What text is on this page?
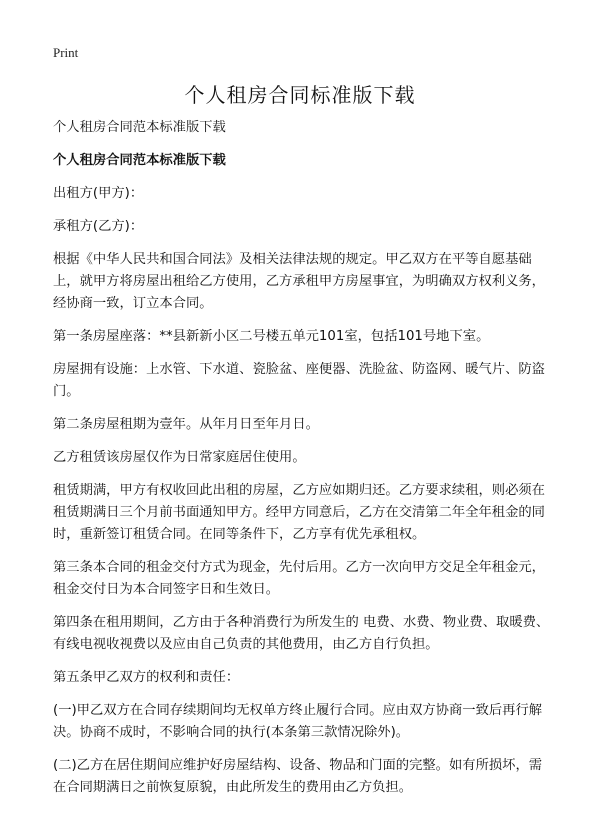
Print
个人租房合同标准版下载

个人租房合同范本标准版下载

个人租房合同范本标准版下载

出租方(甲方)：

承租方(乙方)：

根据《中华人民共和国合同法》及相关法律法规的规定。甲乙双方在平等自愿基础上，就甲方将房屋出租给乙方使用，乙方承租甲方房屋事宜，为明确双方权利义务，经协商一致，订立本合同。

第一条房屋座落：**县新新小区二号楼五单元101室，包括101号地下室。

房屋拥有设施：上水管、下水道、瓷脸盆、座便器、洗脸盆、防盗网、暖气片、防盗门。

第二条房屋租期为壹年。从年月日至年月日。

乙方租赁该房屋仅作为日常家庭居住使用。

租赁期满，甲方有权收回此出租的房屋，乙方应如期归还。乙方要求续租，则必须在租赁期满日三个月前书面通知甲方。经甲方同意后，乙方在交清第二年全年租金的同时，重新签订租赁合同。在同等条件下，乙方享有优先承租权。

第三条本合同的租金交付方式为现金，先付后用。乙方一次向甲方交足全年租金元，租金交付日为本合同签字日和生效日。

第四条在租用期间，乙方由于各种消费行为所发生的 电费、水费、物业费、取暖费、有线电视收视费以及应由自己负责的其他费用，由乙方自行负担。

第五条甲乙双方的权利和责任：

(一)甲乙双方在合同存续期间均无权单方终止履行合同。应由双方协商一致后再行解决。协商不成时，不影响合同的执行(本条第三款情况除外)。

(二)乙方在居住期间应维护好房屋结构、设备、物品和门面的完整。如有所损坏，需在合同期满日之前恢复原貌，由此所发生的费用由乙方负担。
